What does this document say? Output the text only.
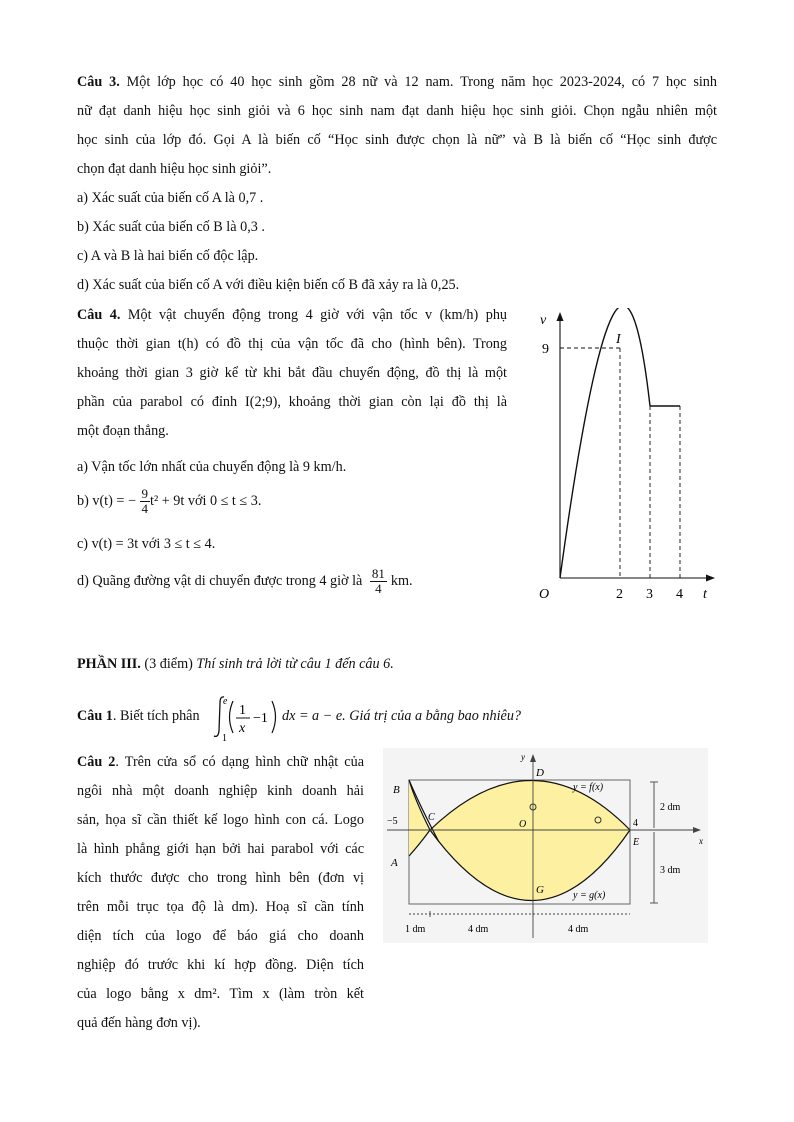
Câu 3. Một lớp học có 40 học sinh gồm 28 nữ và 12 nam. Trong năm học 2023-2024, có 7 học sinh
nữ đạt danh hiệu học sinh giỏi và 6 học sinh nam đạt danh hiệu học sinh giỏi. Chọn ngẫu nhiên một
học sinh của lớp đó. Gọi A là biến cố “Học sinh được chọn là nữ” và B là biến cố “Học sinh được
chọn đạt danh hiệu học sinh giỏi”.
a) Xác suất của biến cố A là 0,7 .
b) Xác suất của biến cố B là 0,3 .
c) A và B là hai biến cố độc lập.
d) Xác suất của biến cố A với điều kiện biến cố B đã xảy ra là 0,25.
Câu 4. Một vật chuyển động trong 4 giờ với vận tốc v (km/h) phụ
thuộc thời gian t(h) có đồ thị của vận tốc đã cho (hình bên). Trong
khoảng thời gian 3 giờ kể từ khi bắt đầu chuyển động, đồ thị là một
phần của parabol có đỉnh I(2;9), khoảng thời gian còn lại đồ thị là
một đoạn thẳng.
a) Vận tốc lớn nhất của chuyển động là 9 km/h.
b) v(t) = − $\frac{9}{4} t^2 + 9t$ với 0 ≤ t ≤ 3.
c) v(t) = 3t với 3 ≤ t ≤ 4.
d) Quãng đường vật di chuyển được trong 4 giờ là $\frac{81}{4}$ km.
v
t
O
I
9
2 3 4
PHẦN III. (3 điểm) Thí sinh trả lời từ câu 1 đến câu 6.
Câu 1. Biết tích phân
e
1
1
x
−1 dx = a − e. Giá trị của a bằng bao nhiêu?
Câu 2. Trên cửa sổ có dạng hình chữ nhật của
ngôi nhà một doanh nghiệp kinh doanh hải
sản, họa sĩ cần thiết kế logo hình con cá. Logo
là hình phẳng giới hạn bởi hai parabol với các
kích thước được cho trong hình bên (đơn vị
trên mỗi trục tọa độ là dm). Hoạ sĩ cần tính
diện tích của logo để báo giá cho doanh
nghiệp đó trước khi kí hợp đồng. Diện tích
của logo bằng x dm². Tìm x (làm tròn kết
quả đến hàng đơn vị).
y
x
B
D
C
A
E
G
O
−5	4
y = f(x)
y = g(x)
2 dm
3 dm
1 dm	4 dm	4 dm
